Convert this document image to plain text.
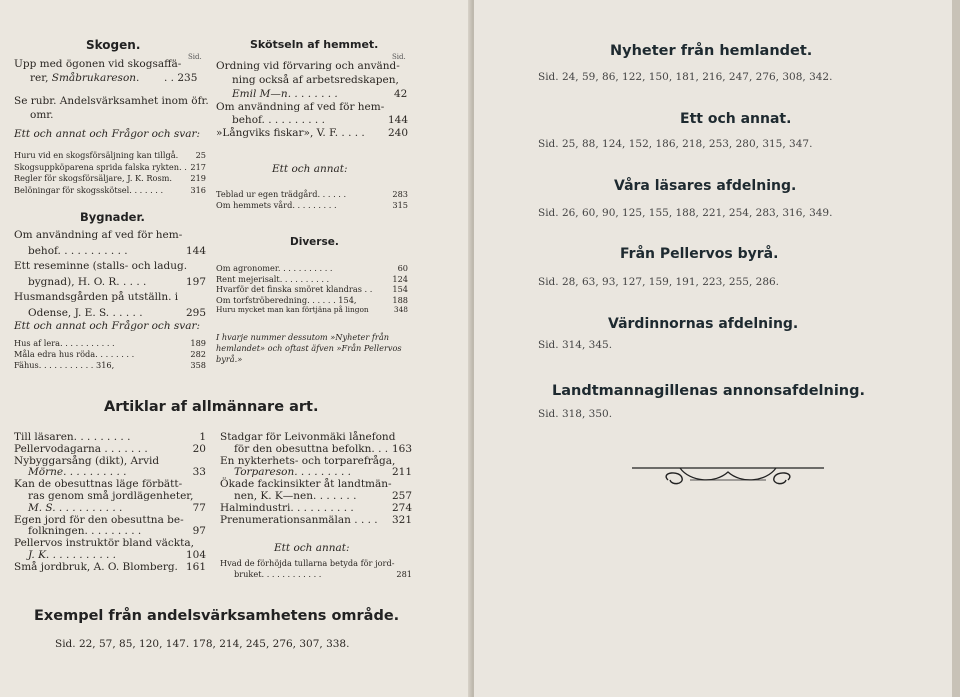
Skogen.
Sid.
Upp med ögonen vid skogsaffä-
rer, Småbrukareson. . . 235
Se rubr. Andelsvärksamhet inom öfr.
omr.
Ett och annat och Frågor och svar:
Huru vid en skogsförsäljning kan tillgå. 25
Skogsuppköparena sprida falska rykten. . 217
Regler för skogsförsäljare, J. K. Rosm. 219
Belöningar för skogsskötsel. . . . . . .	316
Bygnader.
Om användning af ved för hem-
behof. . . . . . . . . . .	144
Ett reseminne (stalls- och ladug.
bygnad), H. O. R. . . . .	197
Husmandsgården på utställn. i
Odense, J. E. S. . . . . .	295
Ett och annat och Frågor och svar:
Hus af lera. . . . . . . . . . .	189
Måla edra hus röda. . . . . . . .	282
Fähus. . . . . . . . . . . 316,	358
Skötseln af hemmet.
Sid.
Ordning vid förvaring och använd-
ning också af arbetsredskapen,
Emil M—n. . . . . . . .	42
Om användning af ved för hem-
behof. . . . . . . . . .	144
»Långviks fiskar», V. F. . . . . 240
Ett och annat:
Teblad ur egen trädgård. . . . . .	283
Om hemmets vård. . . . . . . . .	315
Diverse.
Om agronomer. . . . . . . . . . .	60
Rent mejerisalt. . . . . . . . . .	124
Hvarför det finska smöret klandras . . 154
Om torfströberedning. . . . . . 154,	188
Huru mycket man kan förtjäna på lingon	348
I hvarje nummer dessutom »Nyheter från hemlandet» och oftast äfven »Från Pellervos byrå.»
Artiklar af allmännare art.
Till läsaren. . . . . . . . .	1
Pellervodagarna . . . . . . .	20
Nybyggarsång (dikt), Arvid
Mörne. . . . . . . . . .	33
Kan de obesuttnas läge förbätt-
ras genom små jordlägenheter,
M. S. . . . . . . . . . .	77
Egen jord för den obesuttna be-
folkningen. . . . . . . . .	97
Pellervos instruktör bland väckta,
J. K. . . . . . . . . . .	104
Små jordbruk, A. O. Blomberg. 161
Stadgar för Leivonmäki lånefond
för den obesuttna befolkn. . . 163
En nykterhets- och torparefråga,
Torpareson. . . . . . . . .	211
Ökade fackinsikter åt landtmän-
nen, K. K—nen. . . . . . .	257
Halmindustri. . . . . . . . . .	274
Prenumerationsanmälan . . . . 321
Ett och annat:
Hvad de förhöjda tullarna betyda för jord-
bruket. . . . . . . . . . . .	281
Exempel från andelsvärksamhetens område.
Sid. 22, 57, 85, 120, 147. 178, 214, 245, 276, 307, 338.
Nyheter från hemlandet.
Sid. 24, 59, 86, 122, 150, 181, 216, 247, 276, 308, 342.
Ett och annat.
Sid. 25, 88, 124, 152, 186, 218, 253, 280, 315, 347.
Våra läsares afdelning.
Sid. 26, 60, 90, 125, 155, 188, 221, 254, 283, 316, 349.
Från Pellervos byrå.
Sid. 28, 63, 93, 127, 159, 191, 223, 255, 286.
Värdinnornas afdelning.
Sid. 314, 345.
Landtmannagillenas annonsafdelning.
Sid. 318, 350.
